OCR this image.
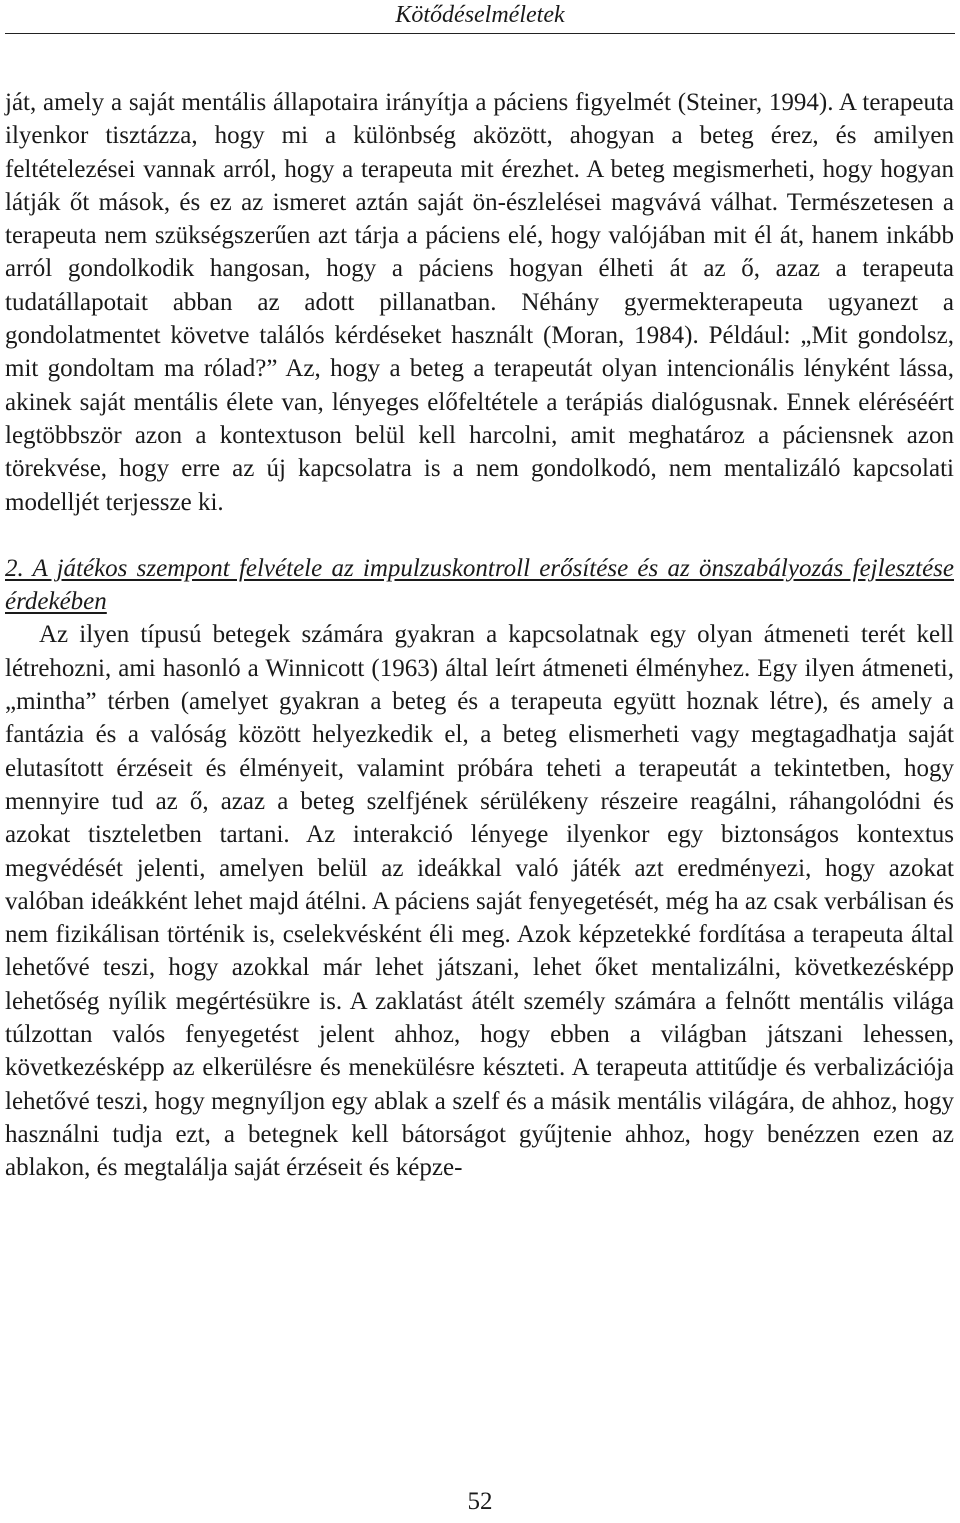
Kötődéselméletek

ját, amely a saját mentális állapotaira irányítja a páciens figyelmét (Steiner, 1994). A terapeuta ilyenkor tisztázza, hogy mi a különbség aközött, ahogyan a beteg érez, és amilyen feltételezései vannak arról, hogy a terapeuta mit érezhet. A beteg megismerheti, hogy hogyan látják őt mások, és ez az ismeret aztán saját ön-észlelései magvává válhat. Természetesen a terapeuta nem szükségszerűen azt tárja a páciens elé, hogy valójában mit él át, hanem inkább arról gondolkodik hangosan, hogy a páciens hogyan élheti át az ő, azaz a terapeuta tudatállapotait abban az adott pillanatban. Néhány gyermekterapeuta ugyanezt a gondolatmentet követve találós kérdéseket használt (Moran, 1984). Például: „Mit gondolsz, mit gondoltam ma rólad?” Az, hogy a beteg a terapeutát olyan intencionális lényként lássa, akinek saját mentális élete van, lényeges előfeltétele a terápiás dialógusnak. Ennek eléréséért legtöbbször azon a kontextuson belül kell harcolni, amit meghatároz a páciensnek azon törekvése, hogy erre az új kapcsolatra is a nem gondolkodó, nem mentalizáló kapcsolati modelljét terjessze ki.

2. A játékos szempont felvétele az impulzuskontroll erősítése és az önszabályozás fejlesztése érdekében

Az ilyen típusú betegek számára gyakran a kapcsolatnak egy olyan átmeneti terét kell létrehozni, ami hasonló a Winnicott (1963) által leírt átmeneti élményhez. Egy ilyen átmeneti, „mintha” térben (amelyet gyakran a beteg és a terapeuta együtt hoznak létre), és amely a fantázia és a valóság között helyezkedik el, a beteg elismerheti vagy megtagadhatja saját elutasított érzéseit és élményeit, valamint próbára teheti a terapeutát a tekintetben, hogy mennyire tud az ő, azaz a beteg szelfjének sérülékeny részeire reagálni, ráhangolódni és azokat tiszteletben tartani. Az interakció lényege ilyenkor egy biztonságos kontextus megvédését jelenti, amelyen belül az ideákkal való játék azt eredményezi, hogy azokat valóban ideákként lehet majd átélni. A páciens saját fenyegetését, még ha az csak verbálisan és nem fizikálisan történik is, cselekvésként éli meg. Azok képzetekké fordítása a terapeuta által lehetővé teszi, hogy azokkal már lehet játszani, lehet őket mentalizálni, következésképp lehetőség nyílik megértésükre is. A zaklatást átélt személy számára a felnőtt mentális világa túlzottan valós fenyegetést jelent ahhoz, hogy ebben a világban játszani lehessen, következésképp az elkerülésre és menekülésre készteti. A terapeuta attitűdje és verbalizációja lehetővé teszi, hogy megnyíljon egy ablak a szelf és a másik mentális világára, de ahhoz, hogy használni tudja ezt, a betegnek kell bátorságot gyűjtenie ahhoz, hogy benézzen ezen az ablakon, és megtalálja saját érzéseit és képze-

52
